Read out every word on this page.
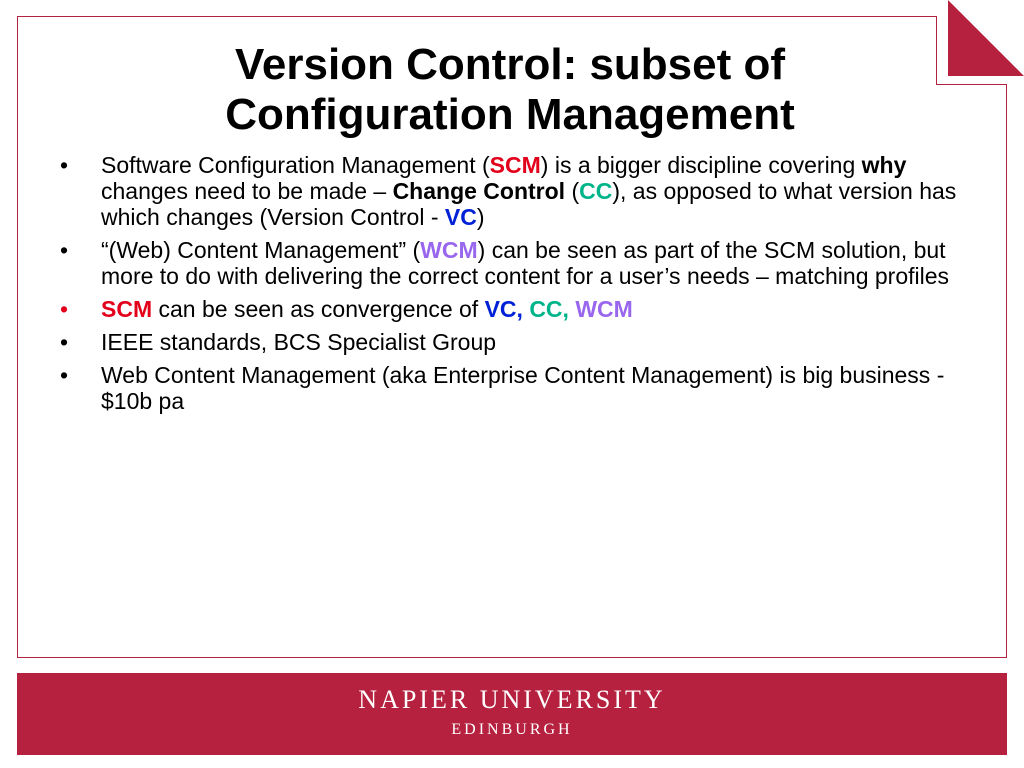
Version Control: subset of
Configuration Management
• Software Configuration Management (SCM) is a bigger discipline covering why changes need to be made – Change Control (CC), as opposed to what version has which changes (Version Control - VC)
• “(Web) Content Management” (WCM) can be seen as part of the SCM solution, but more to do with delivering the correct content for a user’s needs – matching profiles
• SCM can be seen as convergence of VC, CC, WCM
• IEEE standards, BCS Specialist Group
• Web Content Management (aka Enterprise Content Management) is big business - $10b pa
NAPIER UNIVERSITY
EDINBURGH
